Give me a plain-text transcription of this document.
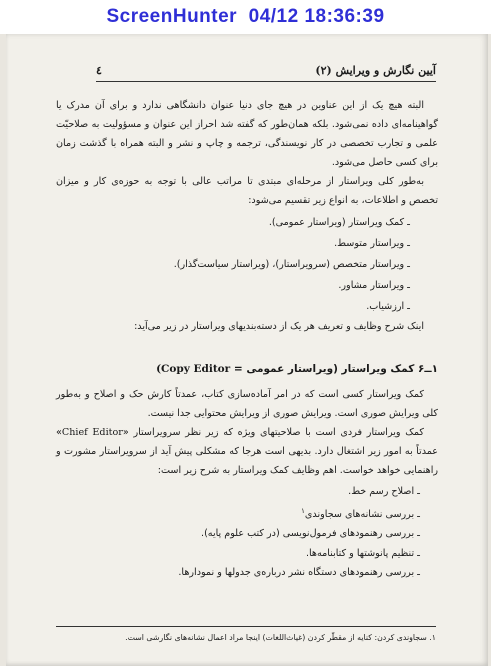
ScreenHunter 04/12 18:36:39
٤	آیین نگارش و ویرایش (۲)

البته هیچ یک از این عناوین در هیچ جای دنیا عنوان دانشگاهی ندارد و برای آن مدرک یا گواهینامه‌ای داده نمی‌شود. بلکه همان‌طور که گفته شد احراز این عنوان و مسؤولیت به صلاحیّت علمی و تجارب تخصصی در کار نویسندگی، ترجمه و چاپ و نشر و البته همراه با گذشت زمان برای کسی حاصل می‌شود.

به‌طور کلی ویراستار از مرحله‌ای مبتدی تا مراتب عالی با توجه به حوزه‌ی کار و میزان تخصص و اطلاعات، به انواع زیر تقسیم می‌شود:

ـ کمک ویراستار (ویراستار عمومی).
ـ ویراستار متوسط.
ـ ویراستار متخصص (سرویراستار)، (ویراستار سیاست‌گذار).
ـ ویراستار مشاور.
ـ ارزشیاب.

اینک شرح وظایف و تعریف هر یک از دسته‌بندیهای ویراستار در زیر می‌آید:

۱ــ۶ کمک ویراستار (ویراستار عمومی = (Copy Editor

کمک ویراستار کسی است که در امر آماده‌سازی کتاب، عمدتاً کارش حک و اصلاح و به‌طور کلی ویرایش صوری است. ویرایش صوری از ویرایش محتوایی جدا نیست.

کمک ویراستار فردی است با صلاحیتهای ویژه که زیر نظر سرویراستار «Chief Editor» عمدتاً به امور زیر اشتغال دارد. بدیهی است هرجا که مشکلی پیش آید از سرویراستار مشورت و راهنمایی خواهد خواست. اهم وظایف کمک ویراستار به شرح زیر است:

ـ اصلاح رسم خط.
ـ بررسی نشانه‌های سجاوندی$^۱$
ـ بررسی رهنمودهای فرمول‌نویسی (در کتب علوم پایه).
ـ تنظیم پانوشتها و کتابنامه‌ها.
ـ بررسی رهنمودهای دستگاه نشر درباره‌ی جدولها و نمودارها.
۱. سجاوندی کردن: کنایه از مقطّر کردن (غیاث‌اللغات) اینجا مراد اعمال نشانه‌های نگارشی است.
